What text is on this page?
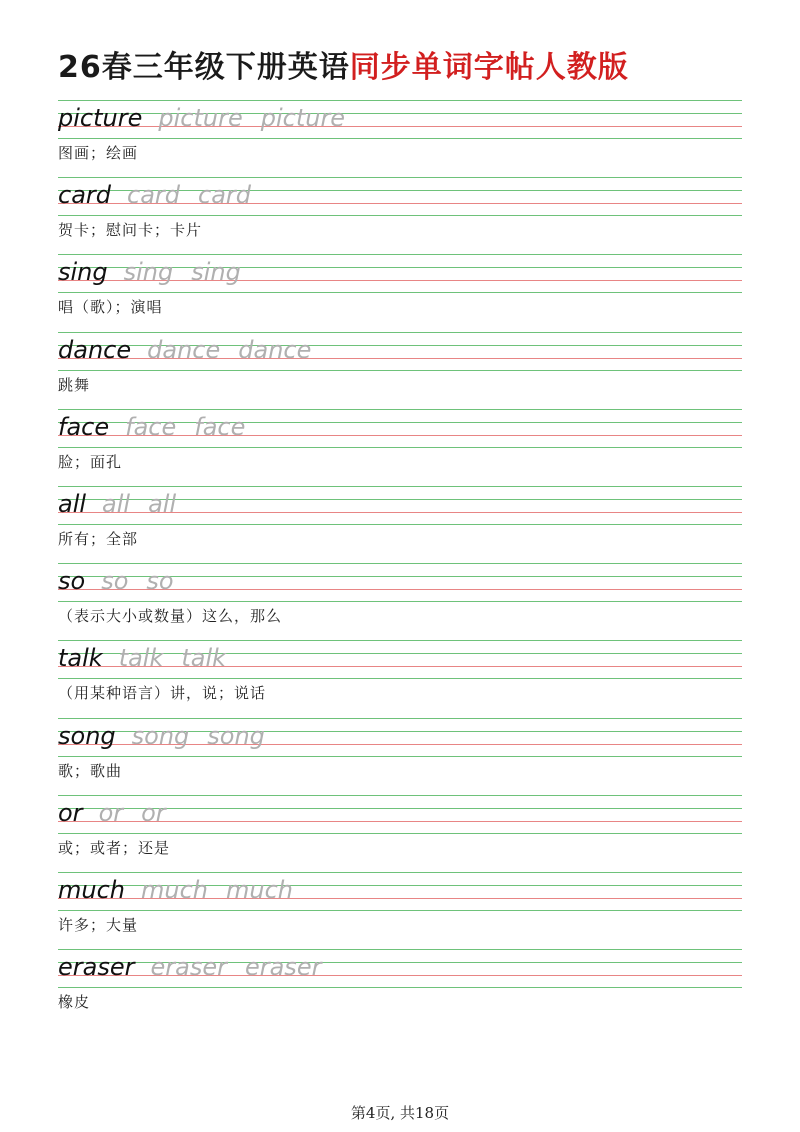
26春三年级下册英语同步单词字帖人教版
picture picture picture
图画；绘画
card card card
贺卡；慰问卡；卡片
sing sing sing
唱（歌）；演唱
dance dance dance
跳舞
face face face
脸；面孔
all all all
所有；全部
so so so
（表示大小或数量）这么，那么
talk talk talk
（用某种语言）讲，说；说话
song song song
歌；歌曲
or or or
或；或者；还是
much much much
许多；大量
eraser eraser eraser
橡皮
第4页, 共18页
